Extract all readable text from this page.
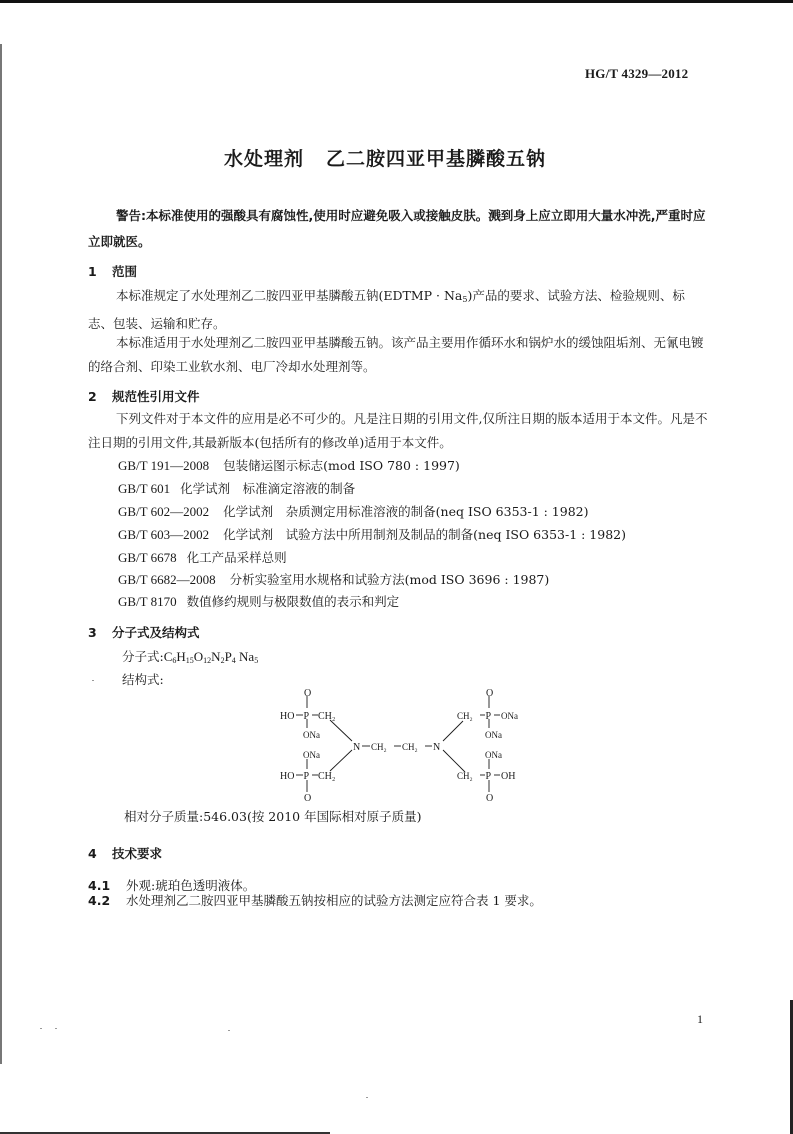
HG/T 4329—2012
水处理剂 乙二胺四亚甲基膦酸五钠
警告:本标准使用的强酸具有腐蚀性,使用时应避免吸入或接触皮肤。溅到身上应立即用大量水冲洗,严重时应立即就医。
1 范围
本标准规定了水处理剂乙二胺四亚甲基膦酸五钠(EDTMP · $Na_5$)产品的要求、试验方法、检验规则、标志、包装、运输和贮存。
本标准适用于水处理剂乙二胺四亚甲基膦酸五钠。该产品主要用作循环水和锅炉水的缓蚀阻垢剂、无氰电镀的络合剂、印染工业软水剂、电厂冷却水处理剂等。
2 规范性引用文件
下列文件对于本文件的应用是必不可少的。凡是注日期的引用文件,仅所注日期的版本适用于本文件。凡是不注日期的引用文件,其最新版本(包括所有的修改单)适用于本文件。
GB/T 191—2008 包装储运图示标志(mod ISO 780 : 1997)
GB/T 601 化学试剂　标准滴定溶液的制备
GB/T 602—2002 化学试剂　杂质测定用标准溶液的制备(neq ISO 6353-1 : 1982)
GB/T 603—2002 化学试剂　试验方法中所用制剂及制品的制备(neq ISO 6353-1 : 1982)
GB/T 6678 化工产品采样总则
GB/T 6682—2008 分析实验室用水规格和试验方法(mod ISO 3696 : 1987)
GB/T 8170 数值修约规则与极限数值的表示和判定
3 分子式及结构式
分子式$:C_6H_{15}O_{12}N_2P_4$ $Na_5$
结构式:
O
HO P CH₂
ONa
ONa
HO P CH₂
O
N CH₂ CH₂ N
O
CH₂ P ONa
ONa
ONa
CH₂ P OH
O
相对分子质量:546.03(按 2010 年国际相对原子质量)
4 技术要求
4.1 外观:琥珀色透明液体。
4.2 水处理剂乙二胺四亚甲基膦酸五钠按相应的试验方法测定应符合表 1 要求。
1
